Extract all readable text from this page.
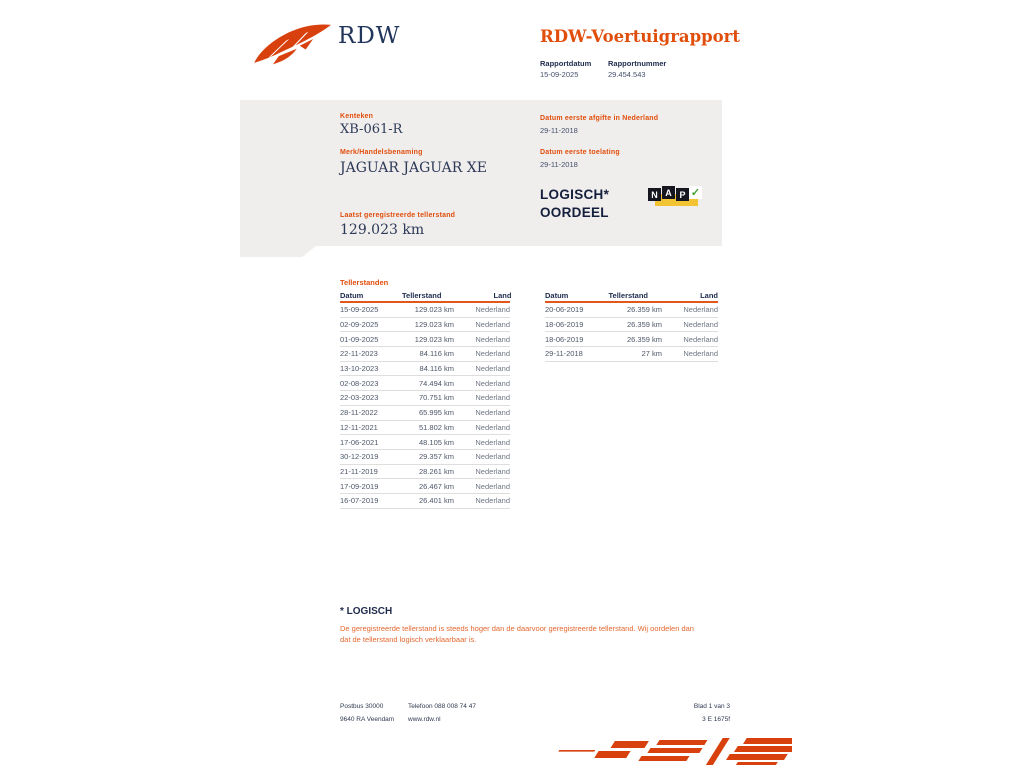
RDW	RDW-Voertuigrapport
Rapportdatum
15-09-2025
Rapportnummer
29.454.543
Kenteken
XB-061-R
Merk/Handelsbenaming
JAGUAR JAGUAR XE
Laatst geregistreerde tellerstand
129.023 km
Datum eerste afgifte in Nederland
29-11-2018
Datum eerste toelating
29-11-2018
LOGISCH*
OORDEEL
N A P ✓
Tellerstanden
Datum	Tellerstand	Land
15-09-2025	129.023 km	Nederland
02-09-2025	129.023 km	Nederland
01-09-2025	129.023 km	Nederland
22-11-2023	84.116 km	Nederland
13-10-2023	84.116 km	Nederland
02-08-2023	74.494 km	Nederland
22-03-2023	70.751 km	Nederland
28-11-2022	65.995 km	Nederland
12-11-2021	51.802 km	Nederland
17-06-2021	48.105 km	Nederland
30-12-2019	29.357 km	Nederland
21-11-2019	28.261 km	Nederland
17-09-2019	26.467 km	Nederland
16-07-2019	26.401 km	Nederland
Datum	Tellerstand	Land
20-06-2019	26.359 km	Nederland
18-06-2019	26.359 km	Nederland
18-06-2019	26.359 km	Nederland
29-11-2018	27 km	Nederland
* LOGISCH
De geregistreerde tellerstand is steeds hoger dan de daarvoor geregistreerde tellerstand. Wij oordelen dan
dat de tellerstand logisch verklaarbaar is.
Postbus 30000
9640 RA Veendam
Telefoon 088 008 74 47
www.rdw.nl
Blad 1 van 3
3 E 1675f
